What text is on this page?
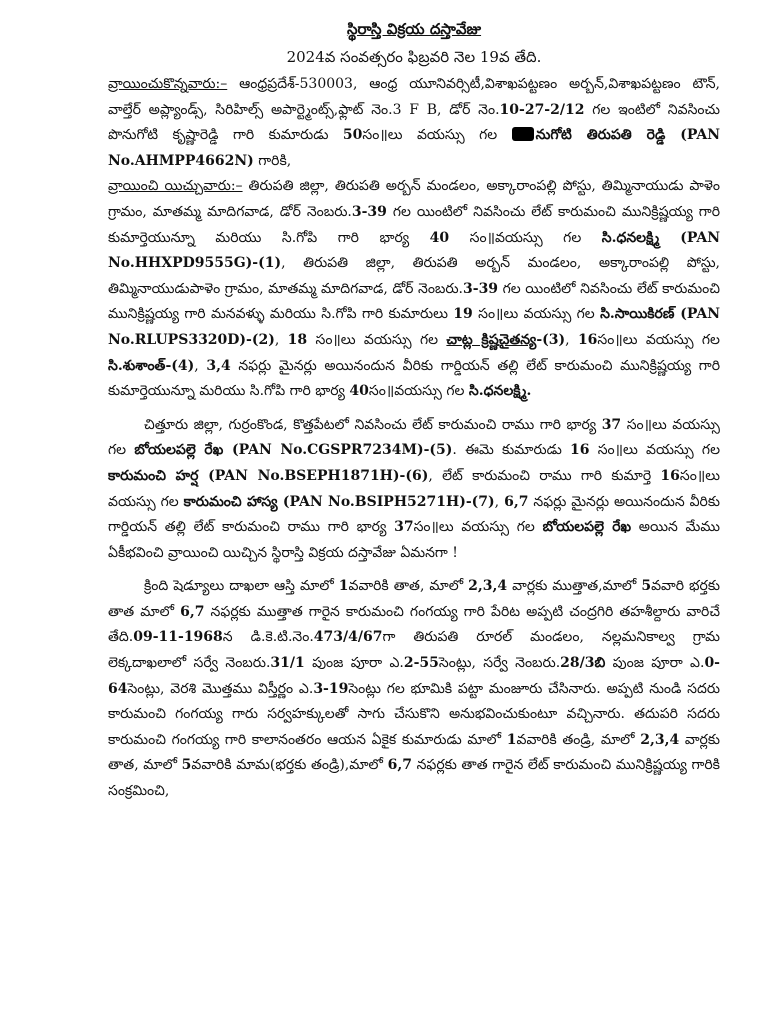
స్థిరాస్తి విక్రయ దస్తావేజు
2024వ సంవత్సరం ఫిబ్రవరి నెల 19వ తేది.

వ్రాయించుకొన్నవారు:– ఆంధ్రప్రదేశ్-530003, ఆంధ్ర యూనివర్సిటీ,విశాఖపట్టణం అర్బన్,విశాఖపట్టణం టౌన్, వాల్తేర్ అప్ల్యాండ్స్, సిరిహిల్స్ అపార్ట్మెంట్స్,ఫ్లాట్ నెం.3 F B, డోర్ నెం.10-27-2/12 గల ఇంటిలో నివసించు పొనుగోటి కృష్ణారెడ్డి గారి కుమారుడు 50సం॥లు వయస్సు గల నుగోటి తిరుపతి రెడ్డి (PAN No.AHMPP4662N) గారికి,

వ్రాయించి యిచ్చువారు:– తిరుపతి జిల్లా, తిరుపతి అర్బన్ మండలం, అక్కారాంపల్లి పోస్టు, తిమ్మినాయుడు పాళెం గ్రామం, మాతమ్మ మాదిగవాడ, డోర్ నెంబరు.3-39 గల యింటిలో నివసించు లేట్ కారుమంచి మునిక్రిష్ణయ్య గారి కుమార్తెయున్నూ మరియు సి.గోపి గారి భార్య 40 సం॥వయస్సు గల సి.ధనలక్ష్మి (PAN No.HHXPD9555G)-(1), తిరుపతి జిల్లా, తిరుపతి అర్బన్ మండలం, అక్కారాంపల్లి పోస్టు, తిమ్మినాయుడుపాళెం గ్రామం, మాతమ్మ మాదిగవాడ, డోర్ నెంబరు.3-39 గల యింటిలో నివసించు లేట్ కారుమంచి మునిక్రిష్ణయ్య గారి మనవళ్ళు మరియు సి.గోపి గారి కుమారులు 19 సం॥లు వయస్సు గల సి.సాయికిరణ్ (PAN No.RLUPS3320D)-(2), 18 సం॥లు వయస్సు గల చాట్ల క్రిష్ణచైతన్య-(3), 16సం॥లు వయస్సు గల సి.శుశాంత్-(4), 3,4 నఫర్లు మైనర్లు అయినందున వీరికు గార్డియన్ తల్లి లేట్ కారుమంచి మునిక్రిష్ణయ్య గారి కుమార్తెయున్నూ మరియు సి.గోపి గారి భార్య 40సం॥వయస్సు గల సి.ధనలక్ష్మి.

చిత్తూరు జిల్లా, గుర్రంకొండ, కొత్తపేటలో నివసించు లేట్ కారుమంచి రాము గారి భార్య 37 సం॥లు వయస్సు గల బోయలపల్లె రేఖ (PAN No.CGSPR7234M)-(5). ఈమె కుమారుడు 16 సం॥లు వయస్సు గల కారుమంచి హర్ష (PAN No.BSEPH1871H)-(6), లేట్ కారుమంచి రాము గారి కుమార్తె 16సం॥లు వయస్సు గల కారుమంచి హాస్య (PAN No.BSIPH5271H)-(7), 6,7 నఫర్లు మైనర్లు అయినందున వీరికు గార్డియన్ తల్లి లేట్ కారుమంచి రాము గారి భార్య 37సం॥లు వయస్సు గల బోయలపల్లె రేఖ అయిన మేము ఏకీభవించి వ్రాయించి యిచ్చిన స్థిరాస్తి విక్రయ దస్తావేజు ఏమనగా !

క్రింది షెడ్యూలు దాఖలా ఆస్తి మాలో 1వవారికి తాత, మాలో 2,3,4 వార్లకు ముత్తాత,మాలో 5వవారి భర్తకు తాత మాలో 6,7 నఫర్లకు ముత్తాత గారైన కారుమంచి గంగయ్య గారి పేరిట అప్పటి చంద్రగిరి తహశీల్దారు వారిచే తేది.09-11-1968న డి.కె.టి.నెం.473/4/67గా తిరుపతి రూరల్ మండలం, నల్లమనికాల్వ గ్రామ లెక్కదాఖలాలో సర్వే నెంబరు.31/1 పుంజ పూరా ఎ.2-55సెంట్లు, సర్వే నెంబరు.28/3బి పుంజ పూరా ఎ.0-64సెంట్లు, వెరశి మొత్తము విస్తీర్ణం ఎ.3-19సెంట్లు గల భూమికి పట్టా మంజూరు చేసినారు. అప్పటి నుండి సదరు కారుమంచి గంగయ్య గారు సర్వహక్కులతో సాగు చేసుకొని అనుభవించుకుంటూ వచ్చినారు. తదుపరి సదరు కారుమంచి గంగయ్య గారి కాలానంతరం ఆయన ఏకైక కుమారుడు మాలో 1వవారికి తండ్రి, మాలో 2,3,4 వార్లకు తాత, మాలో 5వవారికి మామ(భర్తకు తండ్రి),మాలో 6,7 నఫర్లకు తాత గారైన లేట్ కారుమంచి మునిక్రిష్ణయ్య గారికి సంక్రమించి,
